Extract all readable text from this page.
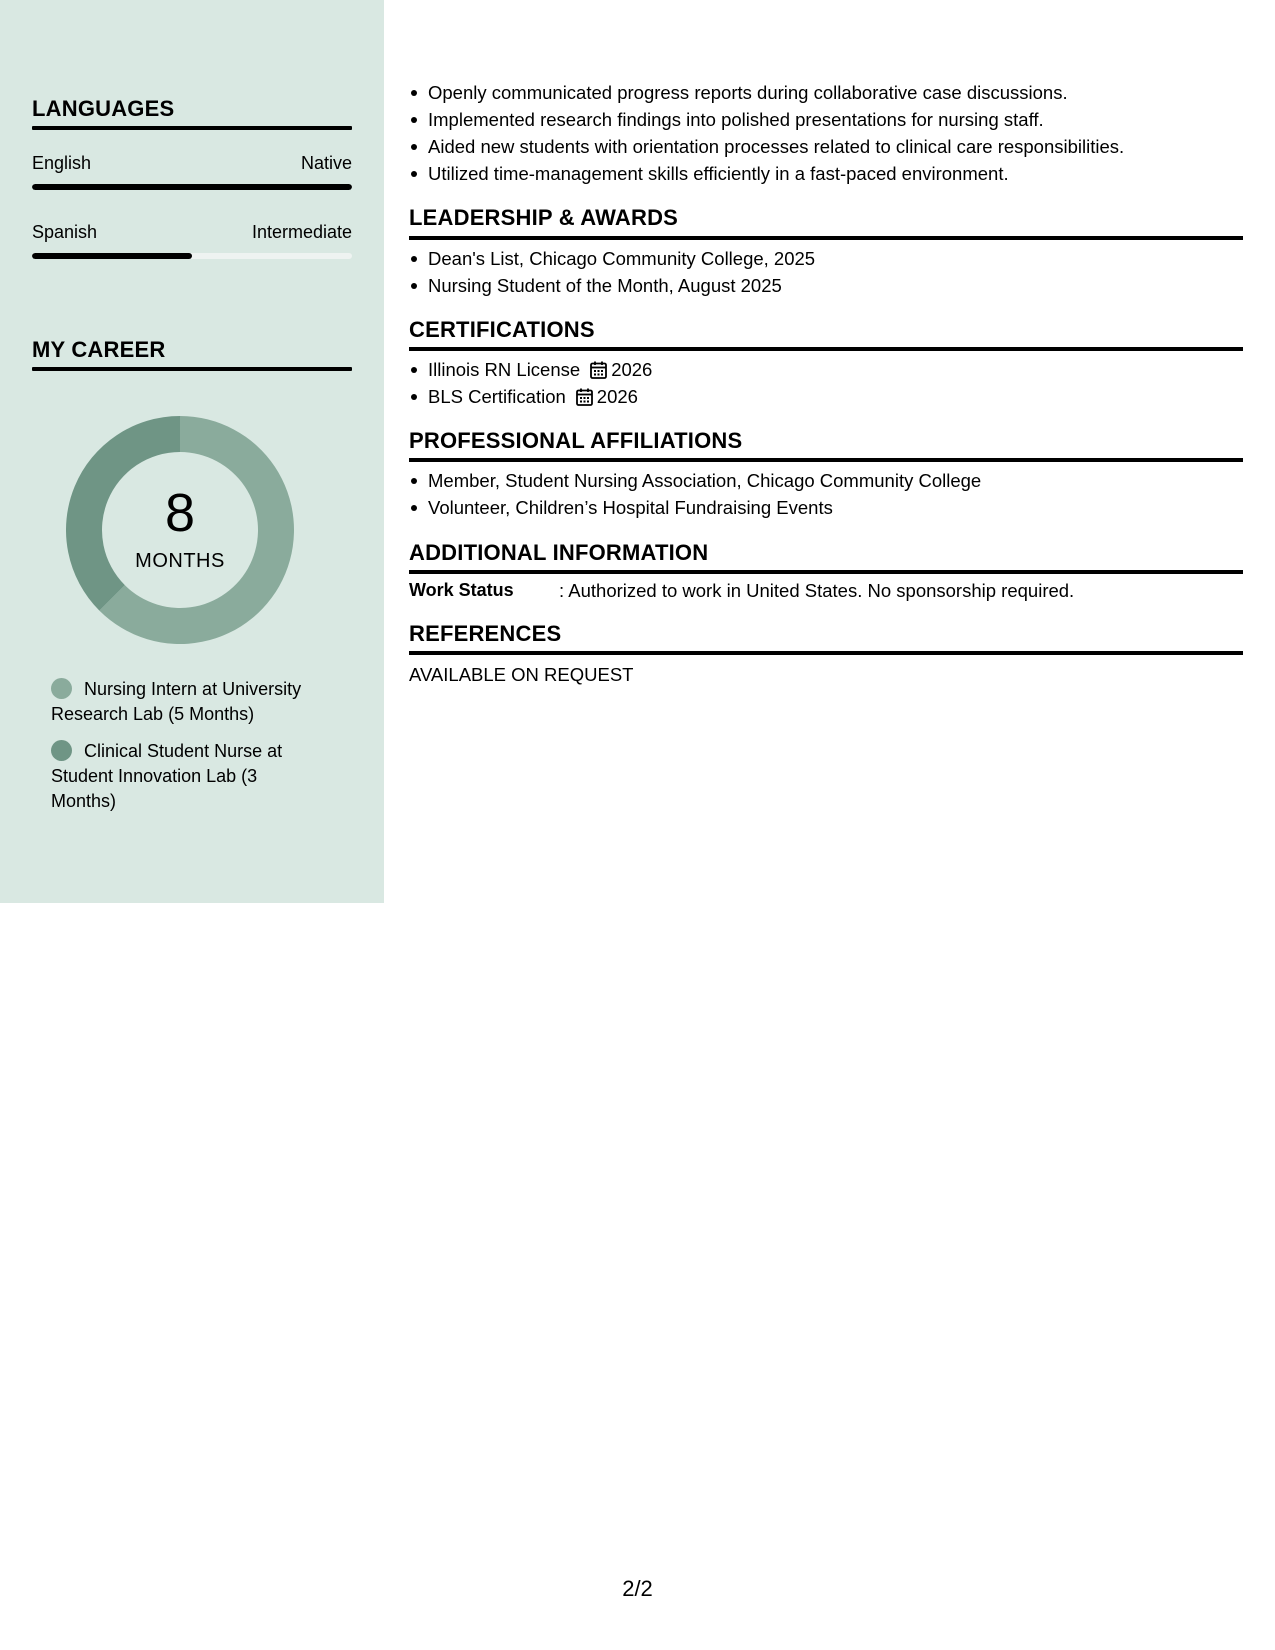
LANGUAGES
English	Native
Spanish	Intermediate
MY CAREER
8
MONTHS
Nursing Intern at University Research Lab (5 Months)
Clinical Student Nurse at Student Innovation Lab (3 Months)
Openly communicated progress reports during collaborative case discussions.
Implemented research findings into polished presentations for nursing staff.
Aided new students with orientation processes related to clinical care responsibilities.
Utilized time-management skills efficiently in a fast-paced environment.
LEADERSHIP & AWARDS
Dean's List, Chicago Community College, 2025
Nursing Student of the Month, August 2025
CERTIFICATIONS
Illinois RN License 2026
BLS Certification 2026
PROFESSIONAL AFFILIATIONS
Member, Student Nursing Association, Chicago Community College
Volunteer, Children’s Hospital Fundraising Events
ADDITIONAL INFORMATION
Work Status : Authorized to work in United States. No sponsorship required.
REFERENCES
AVAILABLE ON REQUEST
2/2
